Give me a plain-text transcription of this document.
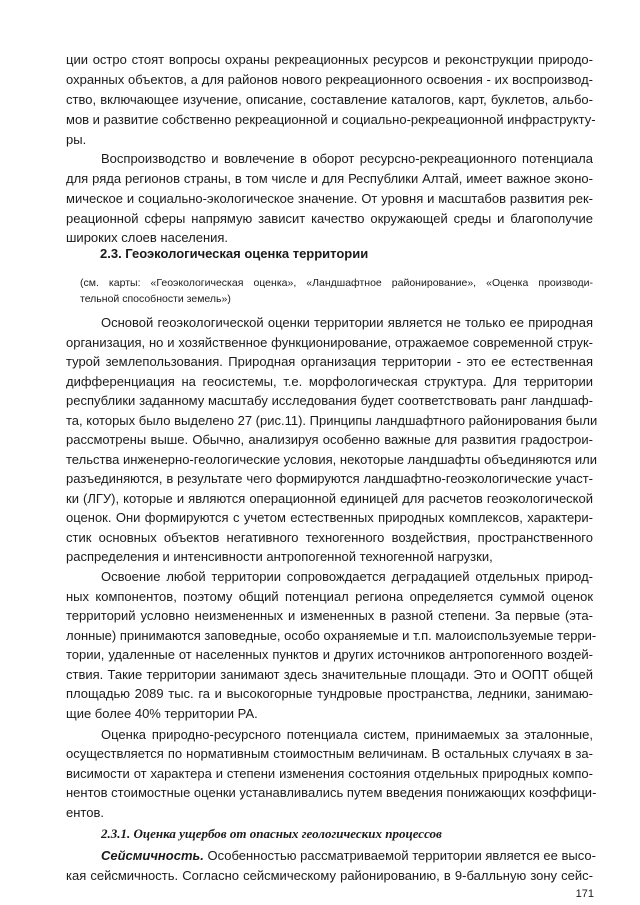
ции остро стоят вопросы охраны рекреационных ресурсов и реконструкции природо-
охранных объектов, а для районов нового рекреационного освоения - их воспроизвод-
ство, включающее изучение, описание, составление каталогов, карт, буклетов, альбо-
мов и развитие собственно рекреационной и социально-рекреационной инфраструкту-
ры.
Воспроизводство и вовлечение в оборот ресурсно-рекреационного потенциала
для ряда регионов страны, в том числе и для Республики Алтай, имеет важное эконо-
мическое и социально-экологическое значение. От уровня и масштабов развития рек-
реационной сферы напрямую зависит качество окружающей среды и благополучие
широких слоев населения.
2.3. Геоэкологическая оценка территории
(см. карты: «Геоэкологическая оценка», «Ландшафтное районирование», «Оценка производи-
тельной способности земель»)
Основой геоэкологической оценки территории является не только ее природная
организация, но и хозяйственное функционирование, отражаемое современной струк-
турой землепользования. Природная организация территории - это ее естественная
дифференциация на геосистемы, т.е. морфологическая структура. Для территории
республики заданному масштабу исследования будет соответствовать ранг ландшаф-
та, которых было выделено 27 (рис.11). Принципы ландшафтного районирования были
рассмотрены выше. Обычно, анализируя особенно важные для развития градострои-
тельства инженерно-геологические условия, некоторые ландшафты объединяются или
разъединяются, в результате чего формируются ландшафтно-геоэкологические участ-
ки (ЛГУ), которые и являются операционной единицей для расчетов геоэкологической
оценок. Они формируются с учетом естественных природных комплексов, характери-
стик основных объектов негативного техногенного воздействия, пространственного
распределения и интенсивности антропогенной техногенной нагрузки,
Освоение любой территории сопровождается деградацией отдельных природ-
ных компонентов, поэтому общий потенциал региона определяется суммой оценок
территорий условно неизмененных и измененных в разной степени. За первые (эта-
лонные) принимаются заповедные, особо охраняемые и т.п. малоиспользуемые терри-
тории, удаленные от населенных пунктов и других источников антропогенного воздей-
ствия. Такие территории занимают здесь значительные площади. Это и ООПТ общей
площадью 2089 тыс. га и высокогорные тундровые пространства, ледники, занимаю-
щие более 40% территории РА.
Оценка природно-ресурсного потенциала систем, принимаемых за эталонные,
осуществляется по нормативным стоимостным величинам. В остальных случаях в за-
висимости от характера и степени изменения состояния отдельных природных компо-
нентов стоимостные оценки устанавливались путем введения понижающих коэффици-
ентов.
2.3.1. Оценка ущербов от опасных геологических процессов
Сейсмичность. Особенностью рассматриваемой территории является ее высо-
кая сейсмичность. Согласно сейсмическому районированию, в 9-балльную зону сейс-
171
